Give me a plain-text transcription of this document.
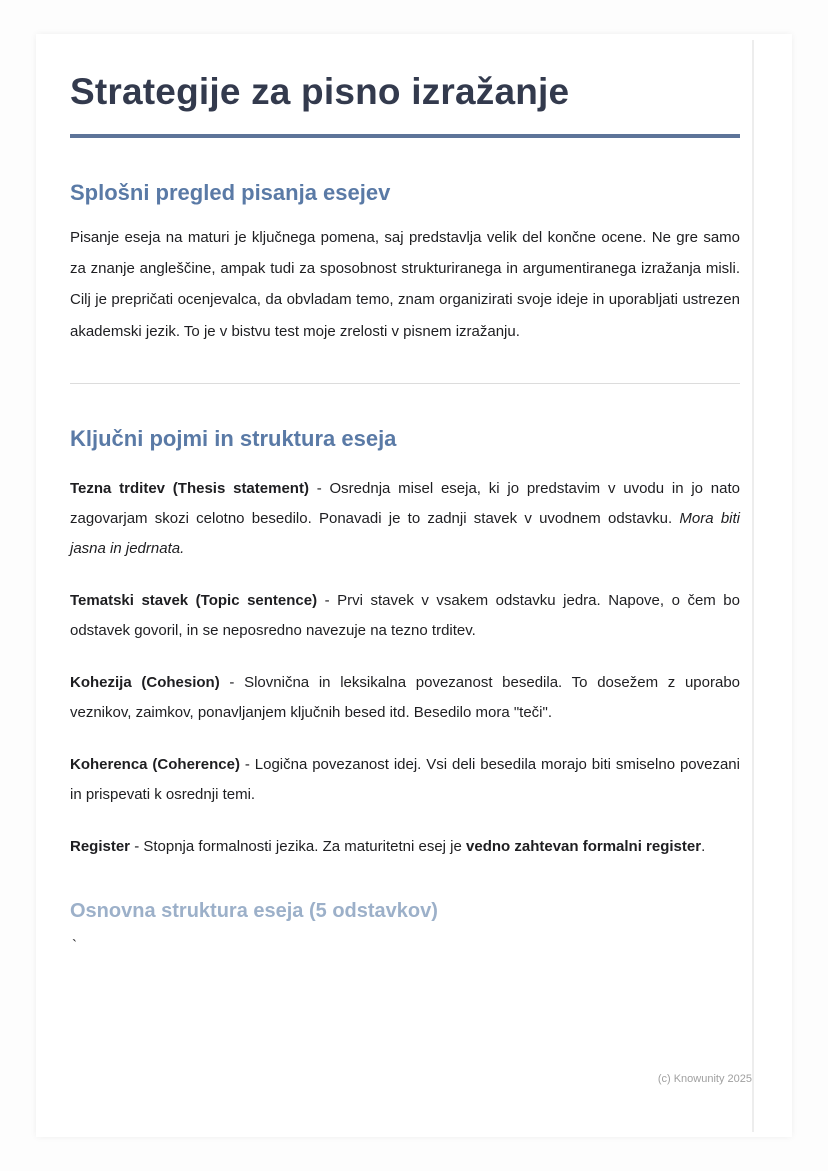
Strategije za pisno izražanje
Splošni pregled pisanja esejev

Pisanje eseja na maturi je ključnega pomena, saj predstavlja velik del končne ocene. Ne gre samo za znanje angleščine, ampak tudi za sposobnost strukturiranega in argumentiranega izražanja misli. Cilj je prepričati ocenjevalca, da obvladam temo, znam organizirati svoje ideje in uporabljati ustrezen akademski jezik. To je v bistvu test moje zrelosti v pisnem izražanju.

Ključni pojmi in struktura eseja

Tezna trditev (Thesis statement) - Osrednja misel eseja, ki jo predstavim v uvodu in jo nato zagovarjam skozi celotno besedilo. Ponavadi je to zadnji stavek v uvodnem odstavku. Mora biti jasna in jedrnata.

Tematski stavek (Topic sentence) - Prvi stavek v vsakem odstavku jedra. Napove, o čem bo odstavek govoril, in se neposredno navezuje na tezno trditev.

Kohezija (Cohesion) - Slovnična in leksikalna povezanost besedila. To dosežem z uporabo veznikov, zaimkov, ponavljanjem ključnih besed itd. Besedilo mora "teči".

Koherenca (Coherence) - Logična povezanost idej. Vsi deli besedila morajo biti smiselno povezani in prispevati k osrednji temi.

Register - Stopnja formalnosti jezika. Za maturitetni esej je vedno zahtevan formalni register.

Osnovna struktura eseja (5 odstavkov)

`

(c) Knowunity 2025
